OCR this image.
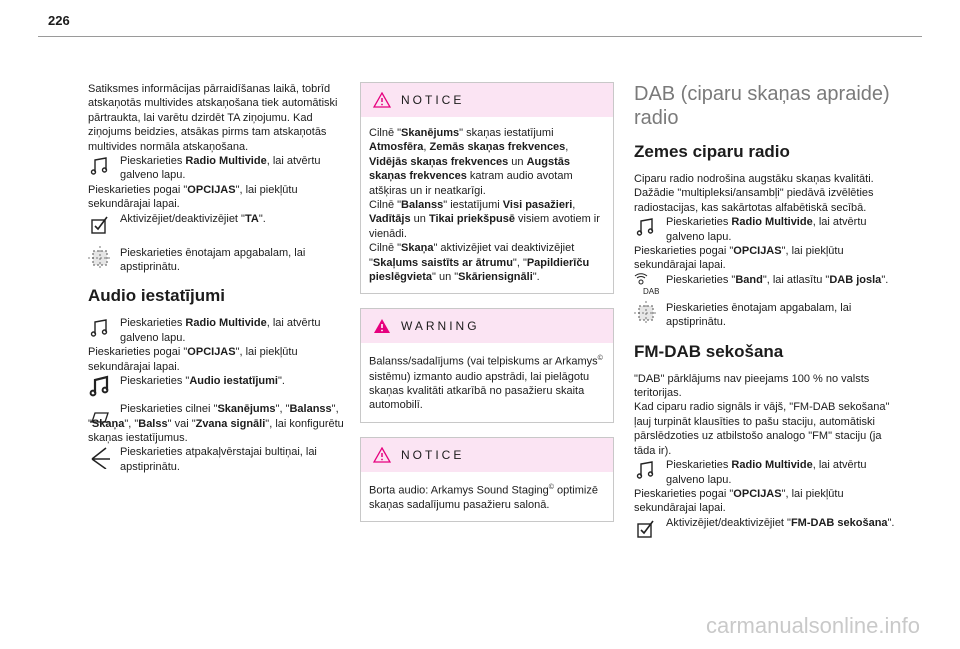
226

Satiksmes informācijas pārraidīšanas laikā, tobrīd atskaņotās multivides atskaņošana tiek automātiski pārtraukta, lai varētu dzirdēt TA ziņojumu. Kad ziņojums beidzies, atsākas pirms tam atskaņotās multivides normāla atskaņošana.

Pieskarieties Radio Multivide, lai atvērtu galveno lapu.

Pieskarieties pogai "OPCIJAS", lai piekļūtu sekundārajai lapai.

Aktivizējiet/deaktivizējiet "TA".

Pieskarieties ēnotajam apgabalam, lai apstiprinātu.

Audio iestatījumi

Pieskarieties Radio Multivide, lai atvērtu galveno lapu.

Pieskarieties pogai "OPCIJAS", lai piekļūtu sekundārajai lapai.

Pieskarieties "Audio iestatījumi".

Pieskarieties cilnei "Skanējums", "Balanss", "Skaņa", "Balss" vai "Zvana signāli", lai konfigurētu skaņas iestatījumus.

Pieskarieties atpakaļvērstajai bultiņai, lai apstiprinātu.

NOTICE
Cilnē "Skanējums" skaņas iestatījumi Atmosfēra, Zemās skaņas frekvences, Vidējās skaņas frekvences un Augstās skaņas frekvences katram audio avotam atšķiras un ir neatkarīgi.
Cilnē "Balanss" iestatījumi Visi pasažieri, Vadītājs un Tikai priekšpusē visiem avotiem ir vienādi.
Cilnē "Skaņa" aktivizējiet vai deaktivizējiet "Skaļums saistīts ar ātrumu", "Papildierīču pieslēgvieta" un "Skāriensignāli".
WARNING
Balanss/sadalījums (vai telpiskums ar Arkamys© sistēmu) izmanto audio apstrādi, lai pielāgotu skaņas kvalitāti atkarībā no pasažieru skaita automobilī.
NOTICE
Borta audio: Arkamys Sound Staging© optimizē skaņas sadalījumu pasažieru salonā.
DAB (ciparu skaņas apraide) radio
Zemes ciparu radio

Ciparu radio nodrošina augstāku skaņas kvalitāti.

Dažādie "multipleksi/ansambļi" piedāvā izvēlēties radiostacijas, kas sakārtotas alfabētiskā secībā.

Pieskarieties Radio Multivide, lai atvērtu galveno lapu.

Pieskarieties pogai "OPCIJAS", lai piekļūtu sekundārajai lapai.

DAB
Pieskarieties "Band", lai atlasītu "DAB josla".

Pieskarieties ēnotajam apgabalam, lai apstiprinātu.

FM-DAB sekošana

"DAB" pārklājums nav pieejams 100 % no valsts teritorijas.

Kad ciparu radio signāls ir vājš, "FM-DAB sekošana" ļauj turpināt klausīties to pašu staciju, automātiski pārslēdzoties uz atbilstošo analogo "FM" staciju (ja tāda ir).

Pieskarieties Radio Multivide, lai atvērtu galveno lapu.

Pieskarieties pogai "OPCIJAS", lai piekļūtu sekundārajai lapai.

Aktivizējiet/deaktivizējiet "FM-DAB sekošana".

carmanualsonline.info
